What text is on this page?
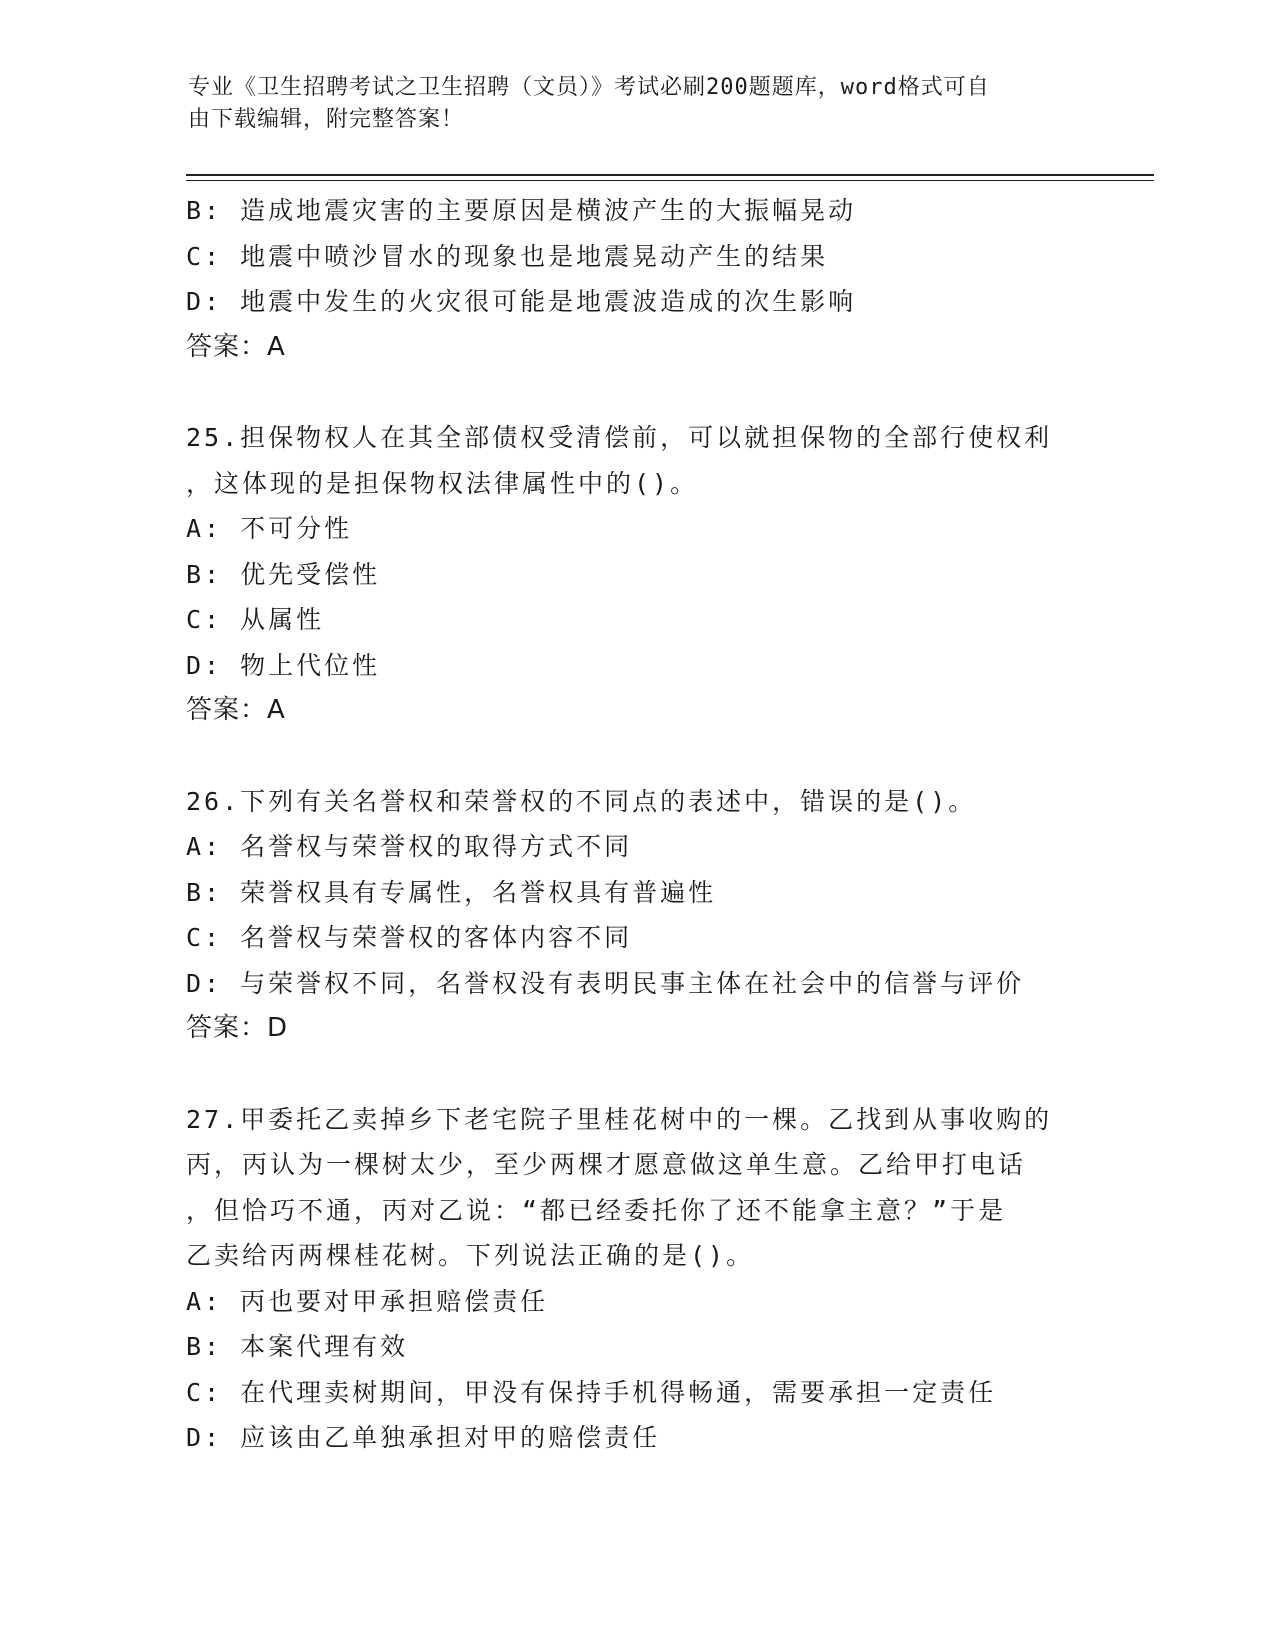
专业《卫生招聘考试之卫生招聘（文员）》考试必刷200题题库，word格式可自
由下载编辑，附完整答案！
B: 造成地震灾害的主要原因是横波产生的大振幅晃动
C: 地震中喷沙冒水的现象也是地震晃动产生的结果
D: 地震中发生的火灾很可能是地震波造成的次生影响
答案：A
25.担保物权人在其全部债权受清偿前，可以就担保物的全部行使权利
，这体现的是担保物权法律属性中的()。
A: 不可分性
B: 优先受偿性
C: 从属性
D: 物上代位性
答案：A
26.下列有关名誉权和荣誉权的不同点的表述中，错误的是()。
A: 名誉权与荣誉权的取得方式不同
B: 荣誉权具有专属性，名誉权具有普遍性
C: 名誉权与荣誉权的客体内容不同
D: 与荣誉权不同，名誉权没有表明民事主体在社会中的信誉与评价
答案：D
27.甲委托乙卖掉乡下老宅院子里桂花树中的一棵。乙找到从事收购的
丙，丙认为一棵树太少，至少两棵才愿意做这单生意。乙给甲打电话
，但恰巧不通，丙对乙说：“都已经委托你了还不能拿主意？”于是
乙卖给丙两棵桂花树。下列说法正确的是()。
A: 丙也要对甲承担赔偿责任
B: 本案代理有效
C: 在代理卖树期间，甲没有保持手机得畅通，需要承担一定责任
D: 应该由乙单独承担对甲的赔偿责任
